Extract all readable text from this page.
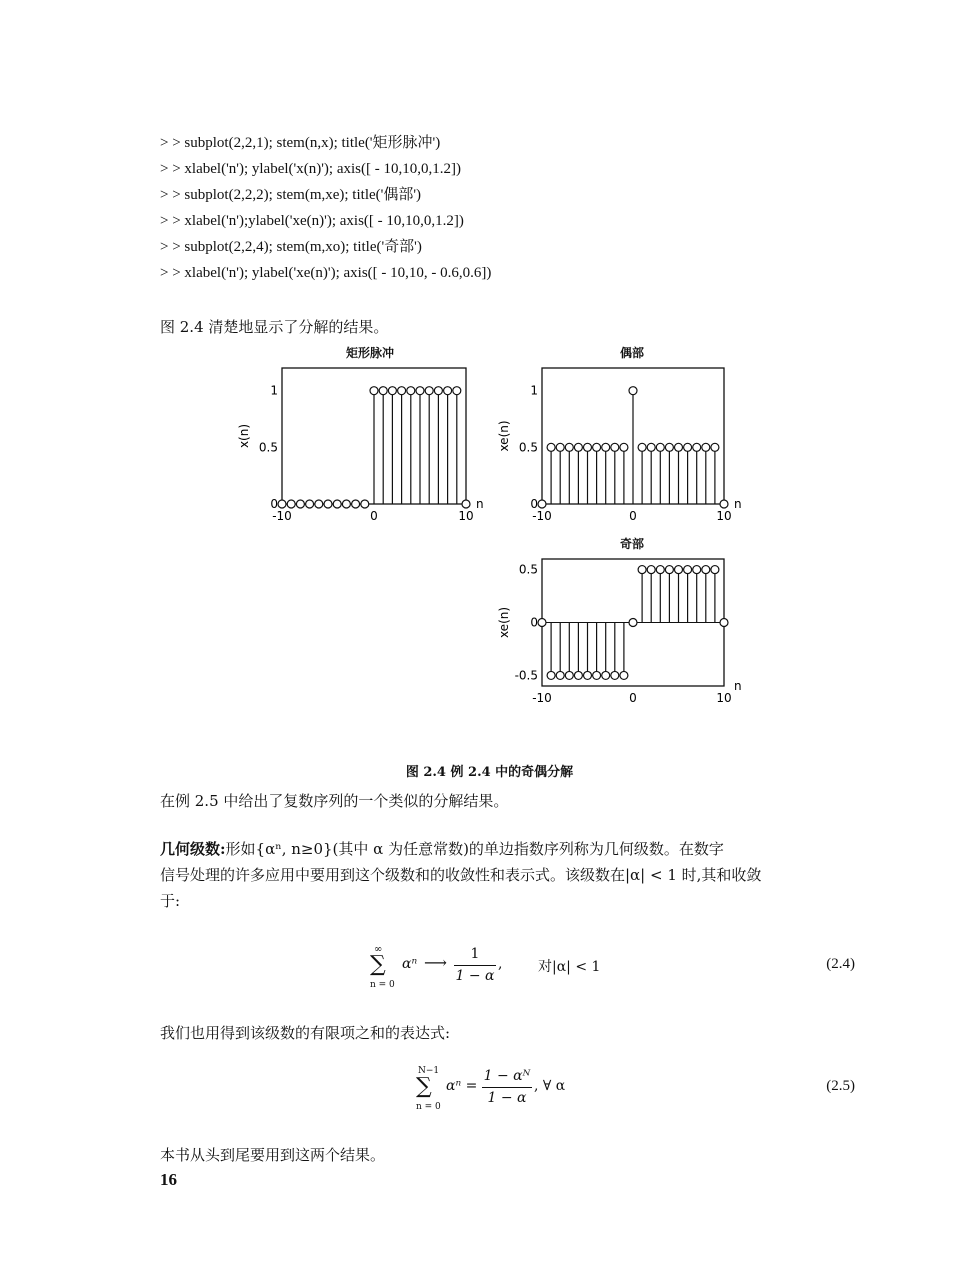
> > subplot(2,2,1); stem(n,x); title('矩形脉冲')
> > xlabel('n'); ylabel('x(n)'); axis([ - 10,10,0,1.2])
> > subplot(2,2,2); stem(m,xe); title('偶部')
> > xlabel('n');ylabel('xe(n)'); axis([ - 10,10,0,1.2])
> > subplot(2,2,4); stem(m,xo); title('奇部')
> > xlabel('n'); ylabel('xe(n)'); axis([ - 10,10, - 0.6,0.6])
图 2.4 清楚地显示了分解的结果。
矩形脉冲
-10	0	10
0
0.5
1
n
x(n)
偶部
-10	0	10
0
0.5
1
n
xe(n)
奇部
-10	0	10
-0.5
0
0.5
n
xe(n)
图 2.4 例 2.4 中的奇偶分解
在例 2.5 中给出了复数序列的一个类似的分解结果。
几何级数:形如{αⁿ, n≥0}(其中 α 为任意常数)的单边指数序列称为几何级数。在数字
信号处理的许多应用中要用到这个级数和的收敛性和表示式。该级数在|α| < 1 时,其和收敛
于:
∞
∑
n = 0
αⁿ ⟶	1
1 − α
,	对|α| < 1	(2.4)
我们也用得到该级数的有限项之和的表达式:
N−1
∑
n = 0
αⁿ =
1 − αᴺ
1 − α
, ∀ α	(2.5)
本书从头到尾要用到这两个结果。
16
